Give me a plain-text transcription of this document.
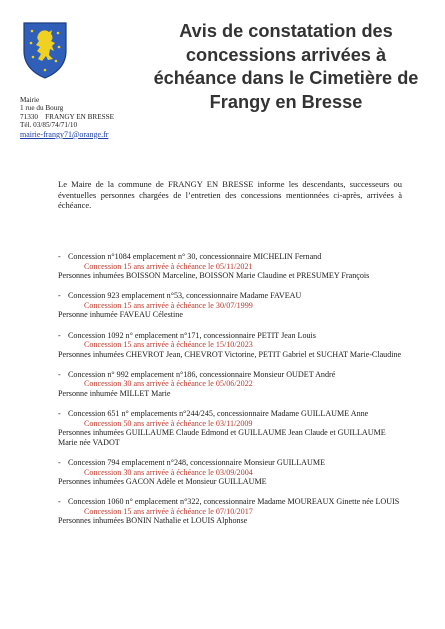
Mairie
1 rue du Bourg
71330    FRANGY EN BRESSE
Tél. 03/85/74/71/10
mairie-frangy71@orange.fr
Avis de constatation des concessions arrivées à échéance dans le Cimetière de Frangy en Bresse
Le Maire de la commune de FRANGY EN BRESSE informe les descendants, successeurs ou éventuelles personnes chargées de l’entretien des concessions mentionnées ci-après, arrivées à échéance.
- Concession n°1084 emplacement n° 30, concessionnaire MICHELIN Fernand
Concession 15 ans arrivée à échéance le 05/11/2021
Personnes inhumées BOISSON Marceline, BOISSON Marie Claudine et PRESUMEY François
- Concession 923 emplacement n°53, concessionnaire Madame FAVEAU
Concession 15 ans arrivée à échéance le 30/07/1999
Personne inhumée FAVEAU Célestine
- Concession 1092 n° emplacement n°171, concessionnaire PETIT Jean Louis
Concession 15 ans arrivée à échéance le 15/10/2023
Personnes inhumées CHEVROT Jean, CHEVROT Victorine, PETIT Gabriel et SUCHAT Marie-Claudine
- Concession n° 992 emplacement n°186, concessionnaire Monsieur OUDET André
Concession 30 ans arrivée à échéance le 05/06/2022
Personne inhumée MILLET Marie
- Concession 651 n° emplacements n°244/245, concessionnaire Madame GUILLAUME Anne
Concession 50 ans arrivée à échéance le 03/11/2009
Personnes inhumées GUILLAUME Claude Edmond et GUILLAUME Jean Claude et GUILLAUME Marie née VADOT
- Concession 794 emplacement n°248, concessionnaire Monsieur GUILLAUME
Concession 30 ans arrivée à échéance le 03/09/2004
Personnes inhumées GACON Adèle et Monsieur GUILLAUME
- Concession 1060 n° emplacement n°322, concessionnaire Madame MOUREAUX Ginette née LOUIS
Concession 15 ans arrivée à échéance le 07/10/2017
Personnes inhumées BONIN Nathalie et LOUIS Alphonse
